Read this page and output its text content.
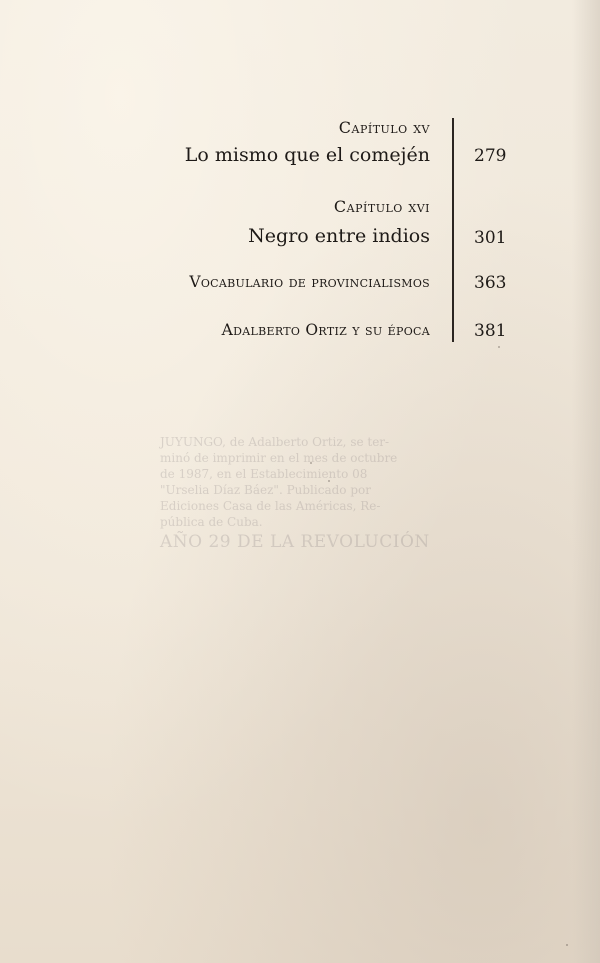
Capítulo xv
Lo mismo que el comején	279
Capítulo xvi
Negro entre indios	301
Vocabulario de provincialismos	363
Adalberto Ortiz y su época	381
JUYUNGO, de Adalberto Ortiz, se ter-
minó de imprimir en el mes de octubre
de 1987, en el Establecimiento 08
"Urselia Díaz Báez". Publicado por
Ediciones Casa de las Américas, Re-
pública de Cuba.
AÑO 29 DE LA REVOLUCIÓN
